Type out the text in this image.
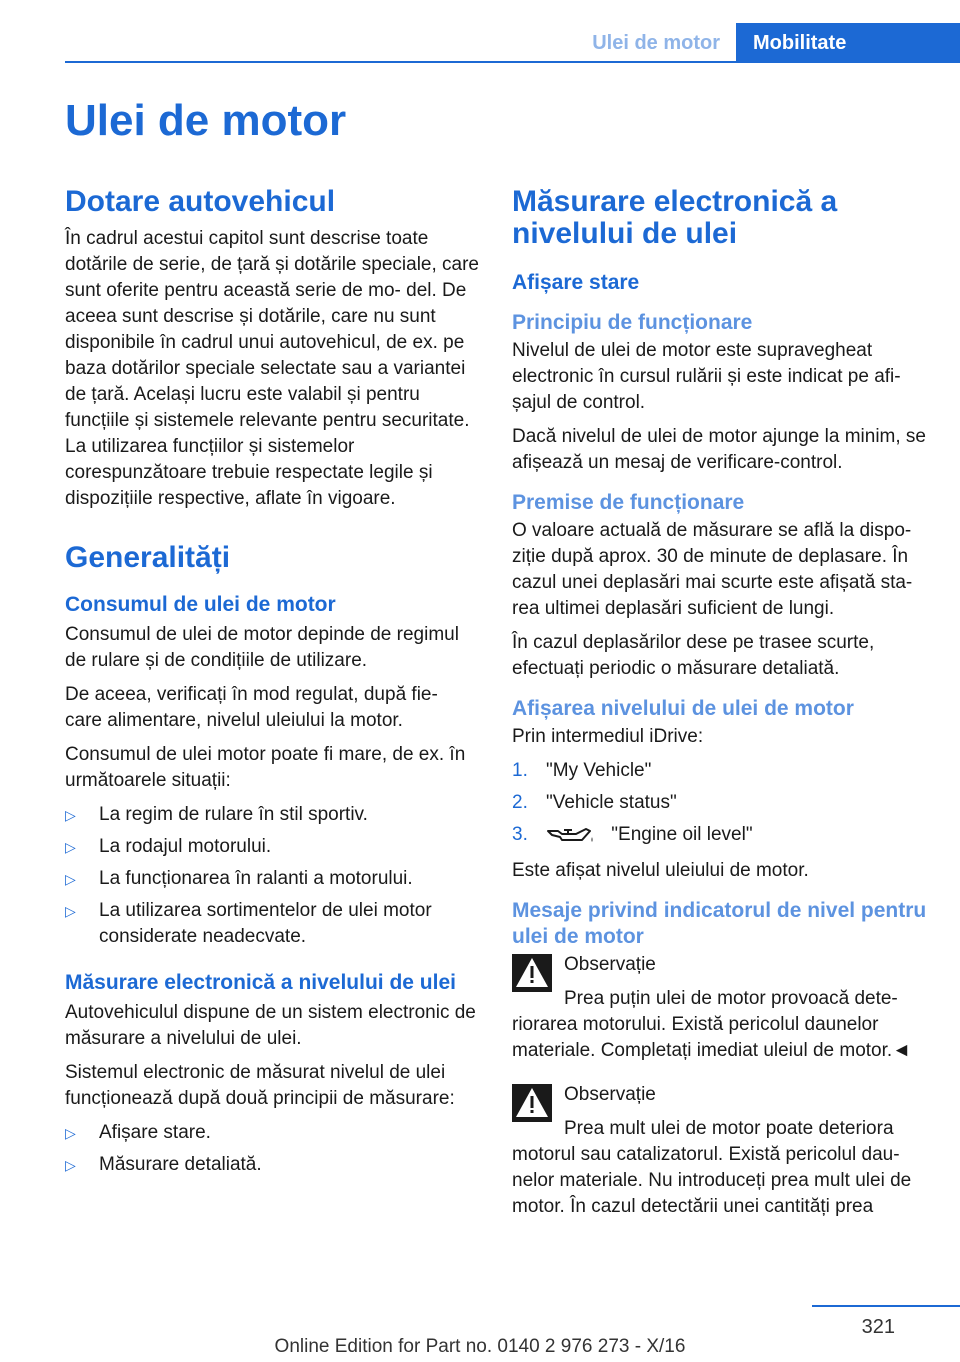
Ulei de motor	Mobilitate
Ulei de motor
Dotare autovehicul

În cadrul acestui capitol sunt descrise toate dotările de serie, de țară și dotările speciale, care sunt oferite pentru această serie de mo- del. De aceea sunt descrise și dotările, care nu sunt disponibile în cadrul unui autovehicul, de ex. pe baza dotărilor speciale selectate sau a variantei de țară. Același lucru este valabil și pentru funcțiile și sistemele relevante pentru securitate. La utilizarea funcțiilor și sistemelor corespunzătoare trebuie respectate legile și dispozițiile respective, aflate în vigoare.

Generalități
Consumul de ulei de motor

Consumul de ulei de motor depinde de regimul de rulare și de condițiile de utilizare.

De aceea, verificați în mod regulat, după fie- care alimentare, nivelul uleiului la motor.

Consumul de ulei motor poate fi mare, de ex. în următoarele situații:

▷ La regim de rulare în stil sportiv.
▷ La rodajul motorului.
▷ La funcționarea în ralanti a motorului.
▷ La utilizarea sortimentelor de ulei motor considerate neadecvate.
Măsurare electronică a nivelului de ulei

Autovehiculul dispune de un sistem electronic de măsurare a nivelului de ulei.

Sistemul electronic de măsurat nivelul de ulei funcționează după două principii de măsurare:

▷ Afișare stare.
▷ Măsurare detaliată.
Măsurare electronică a nivelului de ulei
Afișare stare
Principiu de funcționare

Nivelul de ulei de motor este supravegheat electronic în cursul rulării și este indicat pe afi- șajul de control.

Dacă nivelul de ulei de motor ajunge la minim, se afișează un mesaj de verificare-control.

Premise de funcționare

O valoare actuală de măsurare se află la dispo- ziție după aprox. 30 de minute de deplasare. În cazul unei deplasări mai scurte este afișată sta- rea ultimei deplasări suficient de lungi.

În cazul deplasărilor dese pe trasee scurte, efectuați periodic o măsurare detaliată.

Afișarea nivelului de ulei de motor

Prin intermediul iDrive:

1. "My Vehicle"
2. "Vehicle status"
3.	"Engine oil level"

Este afișat nivelul uleiului de motor.

Mesaje privind indicatorul de nivel pentru ulei de motor

Observație

Prea puțin ulei de motor provoacă dete- riorarea motorului. Există pericolul daunelor materiale. Completați imediat uleiul de motor.◄

Observație

Prea mult ulei de motor poate deteriora motorul sau catalizatorul. Există pericolul dau- nelor materiale. Nu introduceți prea mult ulei de motor. În cazul detectării unei cantități prea

321
Online Edition for Part no. 0140 2 976 273 - X/16
